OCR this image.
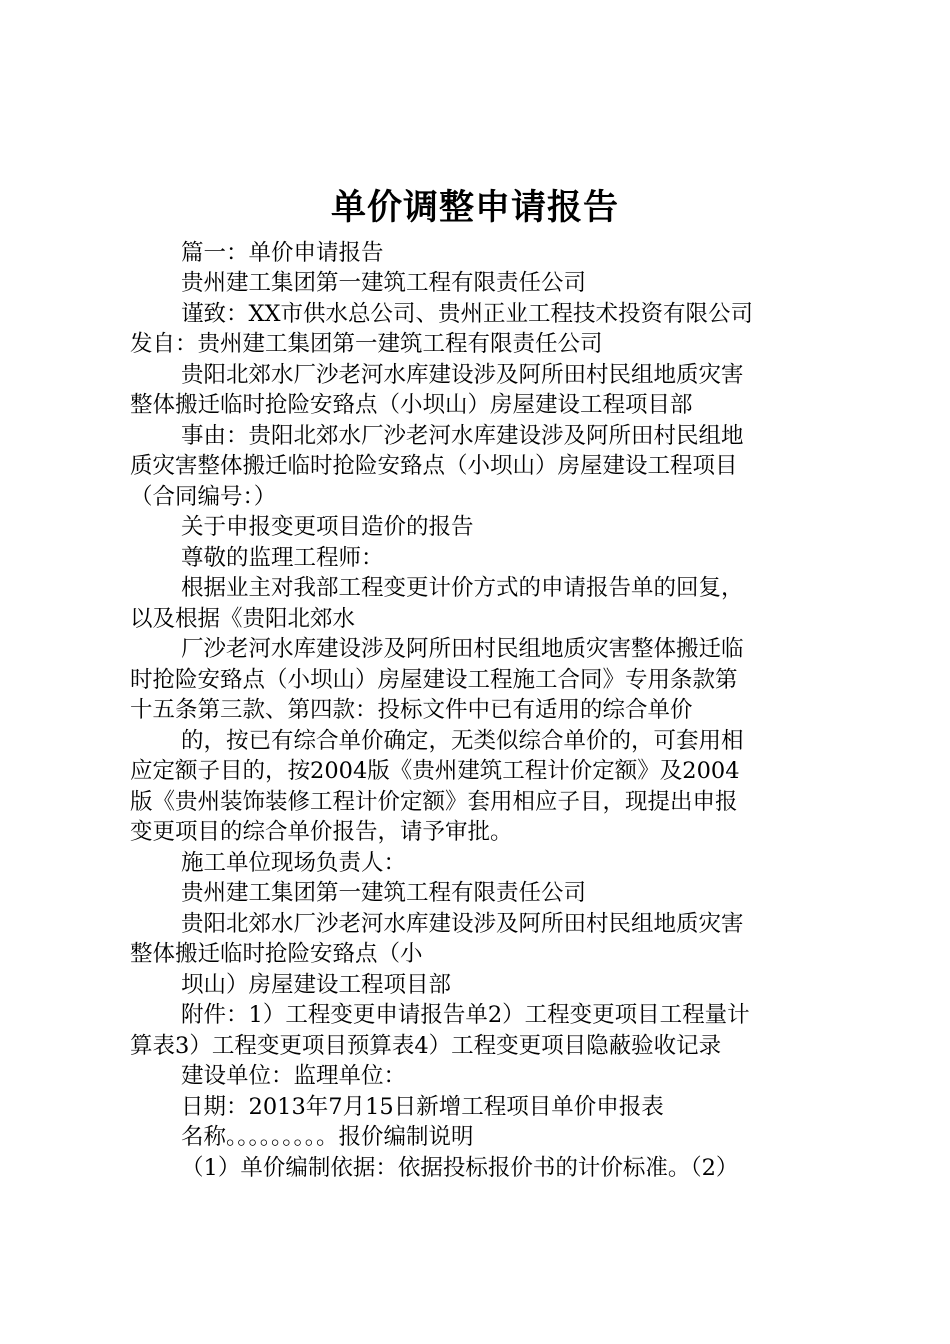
单价调整申请报告
篇一：单价申请报告
贵州建工集团第一建筑工程有限责任公司
谨致：XX市供水总公司、贵州正业工程技术投资有限公司
发自：贵州建工集团第一建筑工程有限责任公司
贵阳北郊水厂沙老河水库建设涉及阿所田村民组地质灾害
整体搬迁临时抢险安臵点（小坝山）房屋建设工程项目部
事由：贵阳北郊水厂沙老河水库建设涉及阿所田村民组地
质灾害整体搬迁临时抢险安臵点（小坝山）房屋建设工程项目
（合同编号：）
关于申报变更项目造价的报告
尊敬的监理工程师：
根据业主对我部工程变更计价方式的申请报告单的回复，
以及根据《贵阳北郊水
厂沙老河水库建设涉及阿所田村民组地质灾害整体搬迁临
时抢险安臵点（小坝山）房屋建设工程施工合同》专用条款第
十五条第三款、第四款：投标文件中已有适用的综合单价
的，按已有综合单价确定，无类似综合单价的，可套用相
应定额子目的，按2004版《贵州建筑工程计价定额》及2004
版《贵州装饰装修工程计价定额》套用相应子目，现提出申报
变更项目的综合单价报告，请予审批。
施工单位现场负责人：
贵州建工集团第一建筑工程有限责任公司
贵阳北郊水厂沙老河水库建设涉及阿所田村民组地质灾害
整体搬迁临时抢险安臵点（小
坝山）房屋建设工程项目部
附件：1）工程变更申请报告单2）工程变更项目工程量计
算表3）工程变更项目预算表4）工程变更项目隐蔽验收记录
建设单位：监理单位：
日期：2013年7月15日新增工程项目单价申报表
名称。。。。。。。。。报价编制说明
（1）单价编制依据：依据投标报价书的计价标准。（2）
